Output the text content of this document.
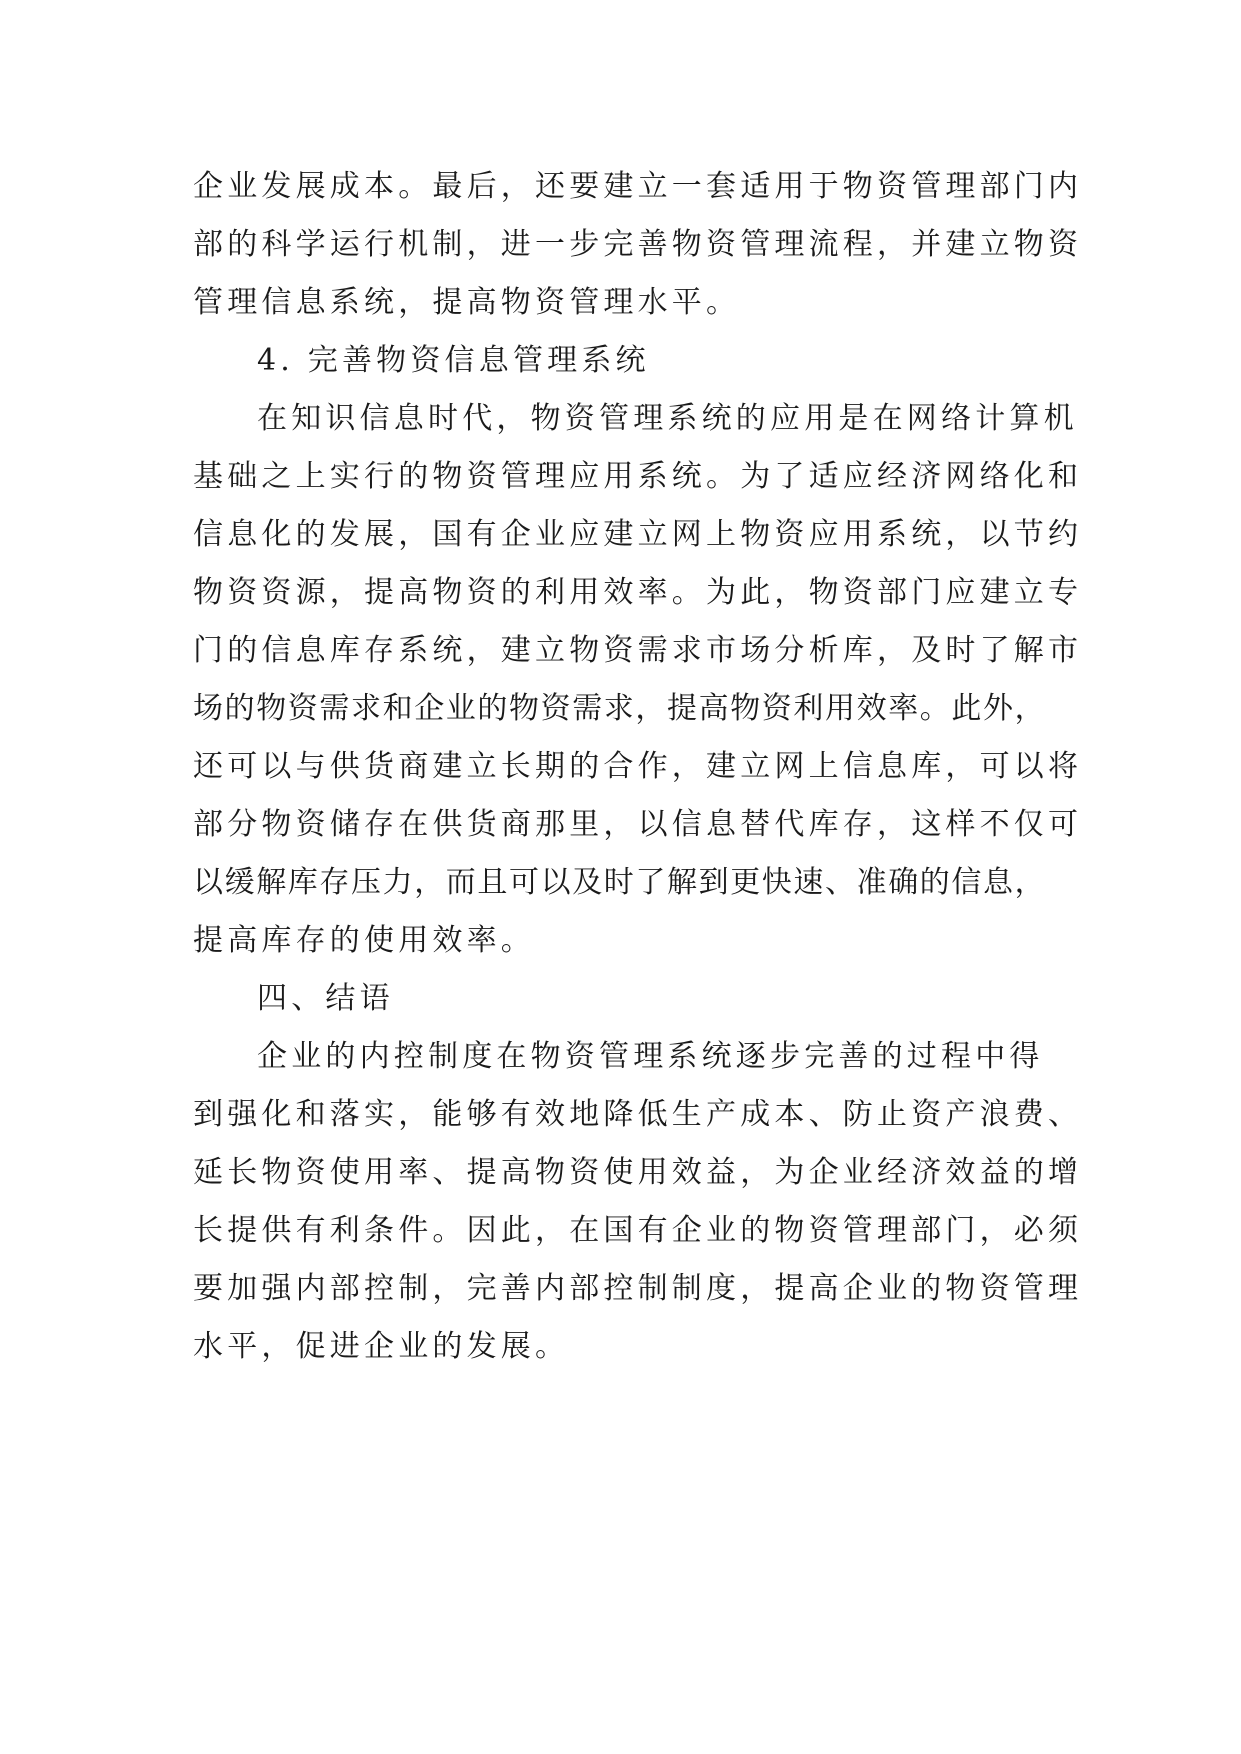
企业发展成本。最后，还要建立一套适用于物资管理部门内
部的科学运行机制，进一步完善物资管理流程，并建立物资
管理信息系统，提高物资管理水平。
4. 完善物资信息管理系统
在知识信息时代，物资管理系统的应用是在网络计算机
基础之上实行的物资管理应用系统。为了适应经济网络化和
信息化的发展，国有企业应建立网上物资应用系统，以节约
物资资源，提高物资的利用效率。为此，物资部门应建立专
门的信息库存系统，建立物资需求市场分析库，及时了解市
场的物资需求和企业的物资需求，提高物资利用效率。此外，
还可以与供货商建立长期的合作，建立网上信息库，可以将
部分物资储存在供货商那里，以信息替代库存，这样不仅可
以缓解库存压力，而且可以及时了解到更快速、准确的信息，
提高库存的使用效率。
四、结语
企业的内控制度在物资管理系统逐步完善的过程中得
到强化和落实，能够有效地降低生产成本、防止资产浪费、
延长物资使用率、提高物资使用效益，为企业经济效益的增
长提供有利条件。因此，在国有企业的物资管理部门，必须
要加强内部控制，完善内部控制制度，提高企业的物资管理
水平，促进企业的发展。
